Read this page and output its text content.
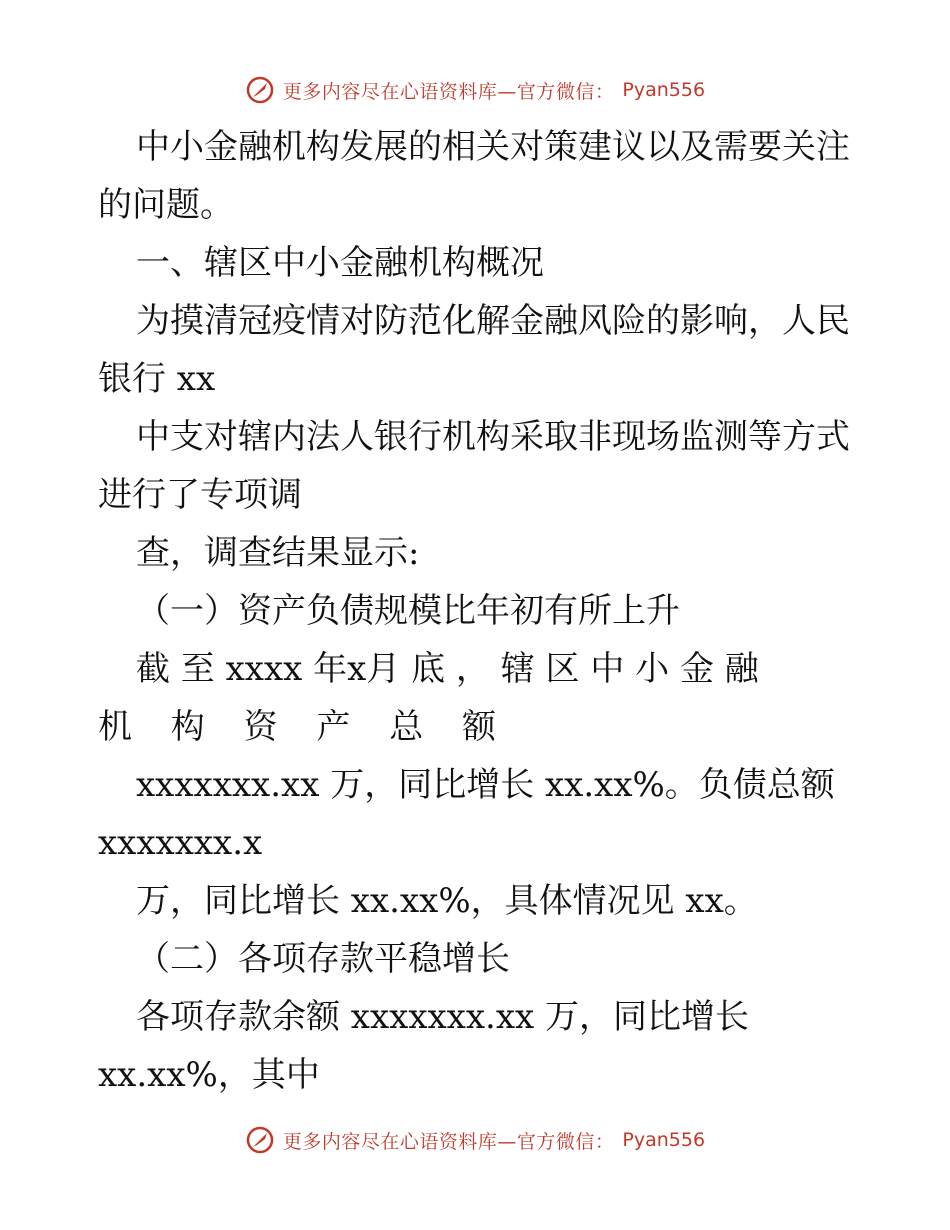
更多内容尽在心语资料库—官方微信： Pyan556
中小金融机构发展的相关对策建议以及需要关注
的问题。
一、辖区中小金融机构概况
为摸清冠疫情对防范化解金融风险的影响，人民
银行 xx
中支对辖内法人银行机构采取非现场监测等方式
进行了专项调
查，调查结果显示:
（一）资产负债规模比年初有所上升
截 至 xxxx 年x月 底 ， 辖 区 中 小 金 融
机 构 资 产 总 额
xxxxxxx.xx 万，同比增长 xx.xx%。负债总额
xxxxxxx.x
万，同比增长 xx.xx%，具体情况见 xx。
（二）各项存款平稳增长
各项存款余额 xxxxxxx.xx 万，同比增长
xx.xx%，其中
更多内容尽在心语资料库—官方微信： Pyan556
